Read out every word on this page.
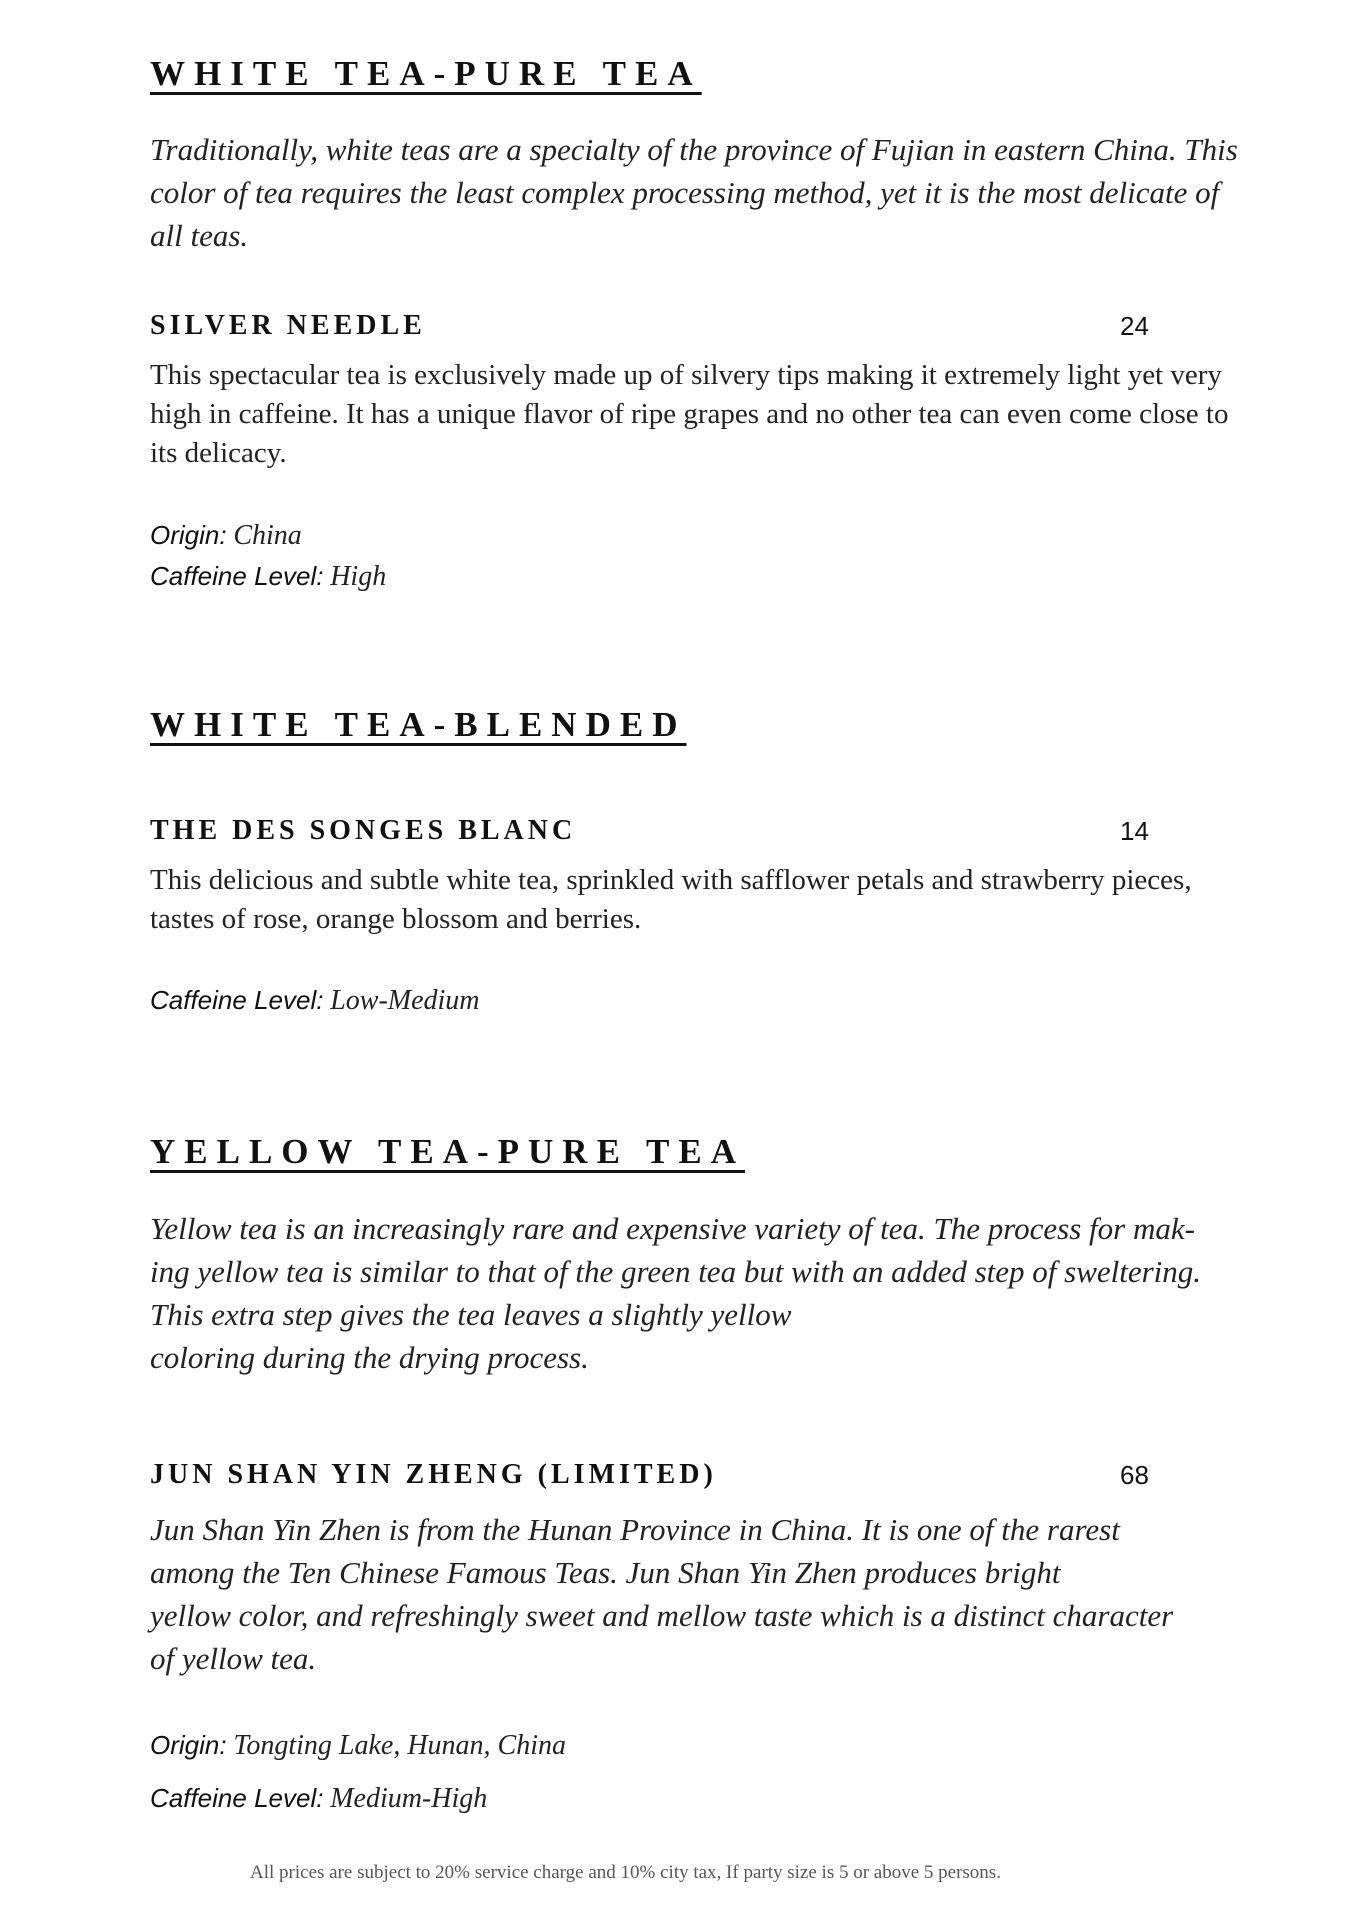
WHITE TEA-PURE TEA

Traditionally, white teas are a specialty of the province of Fujian in eastern China. This color of tea requires the least complex processing method, yet it is the most delicate of all teas.

SILVER NEEDLE	24

This spectacular tea is exclusively made up of silvery tips making it extremely light yet very high in caffeine. It has a unique flavor of ripe grapes and no other tea can even come close to its delicacy.

Origin: China

Caffeine Level: High

WHITE TEA-BLENDED
THE DES SONGES BLANC	14

This delicious and subtle white tea, sprinkled with safflower petals and strawberry pieces, tastes of rose, orange blossom and berries.

Caffeine Level: Low-Medium

YELLOW TEA-PURE TEA
Yellow tea is an increasingly rare and expensive variety of tea. The process for mak-
ing yellow tea is similar to that of the green tea but with an added step of sweltering.
This extra step gives the tea leaves a slightly yellow
coloring during the drying process.
JUN SHAN YIN ZHENG (LIMITED)	68
Jun Shan Yin Zhen is from the Hunan Province in China. It is one of the rarest
among the Ten Chinese Famous Teas. Jun Shan Yin Zhen produces bright
yellow color, and refreshingly sweet and mellow taste which is a distinct character
of yellow tea.

Origin: Tongting Lake, Hunan, China

Caffeine Level: Medium-High

All prices are subject to 20% service charge and 10% city tax, If party size is 5 or above 5 persons.
